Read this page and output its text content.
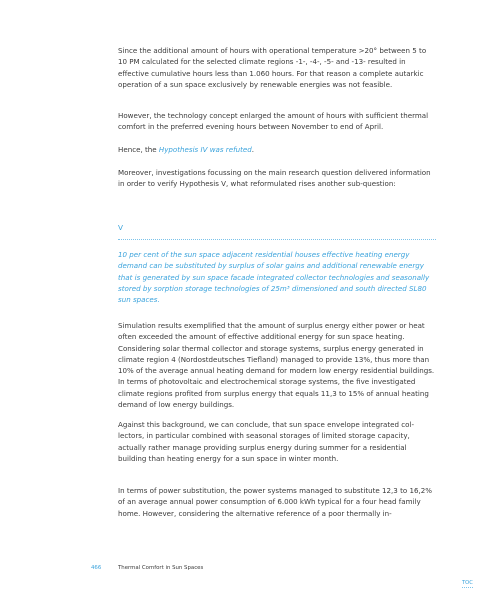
Since the additional amount of hours with operational temperature >20° between 5 to 10 PM calculated for the selected climate regions -1-, -4-, -5- and -13- resulted in effective cumulative hours less than 1.060 hours. For that reason a complete autarkic operation of a sun space exclusively by renewable energies was not feasible.

However, the technology concept enlarged the amount of hours with sufficient thermal comfort in the preferred evening hours between November to end of April.

Hence, the Hypothesis IV was refuted.

Moreover, investigations focussing on the main research question delivered information in order to verify Hypothesis V, what reformulated rises another sub-question:

V

10 per cent of the sun space adjacent residential houses effective heating energy demand can be substituted by surplus of solar gains and additional renewable energy that is generated by sun space facade integrated collector technologies and seasonally stored by sorption storage technologies of 25m³ dimensioned and south directed SL80 sun spaces.

Simulation results exemplified that the amount of surplus energy either power or heat often exceeded the amount of effective additional energy for sun space heating. Considering solar thermal collector and storage systems, surplus energy generated in climate region 4 (Nordostdeutsches Tiefland) managed to provide 13%, thus more than 10% of the average annual heating demand for modern low energy residential buildings. In terms of photovoltaic and electrochemical storage systems, the five investigated climate regions profited from surplus energy that equals 11,3 to 15% of annual heating demand of low energy buildings.

Against this background, we can conclude, that sun space envelope integrated col-lectors, in particular combined with seasonal storages of limited storage capacity, actually rather manage providing surplus energy during summer for a residential building than heating energy for a sun space in winter month.

In terms of power substitution, the power systems managed to substitute 12,3 to 16,2% of an average annual power consumption of 6.000 kWh typical for a four head family home. However, considering the alternative reference of a poor thermally in-

466	Thermal Comfort in Sun Spaces
TOC
